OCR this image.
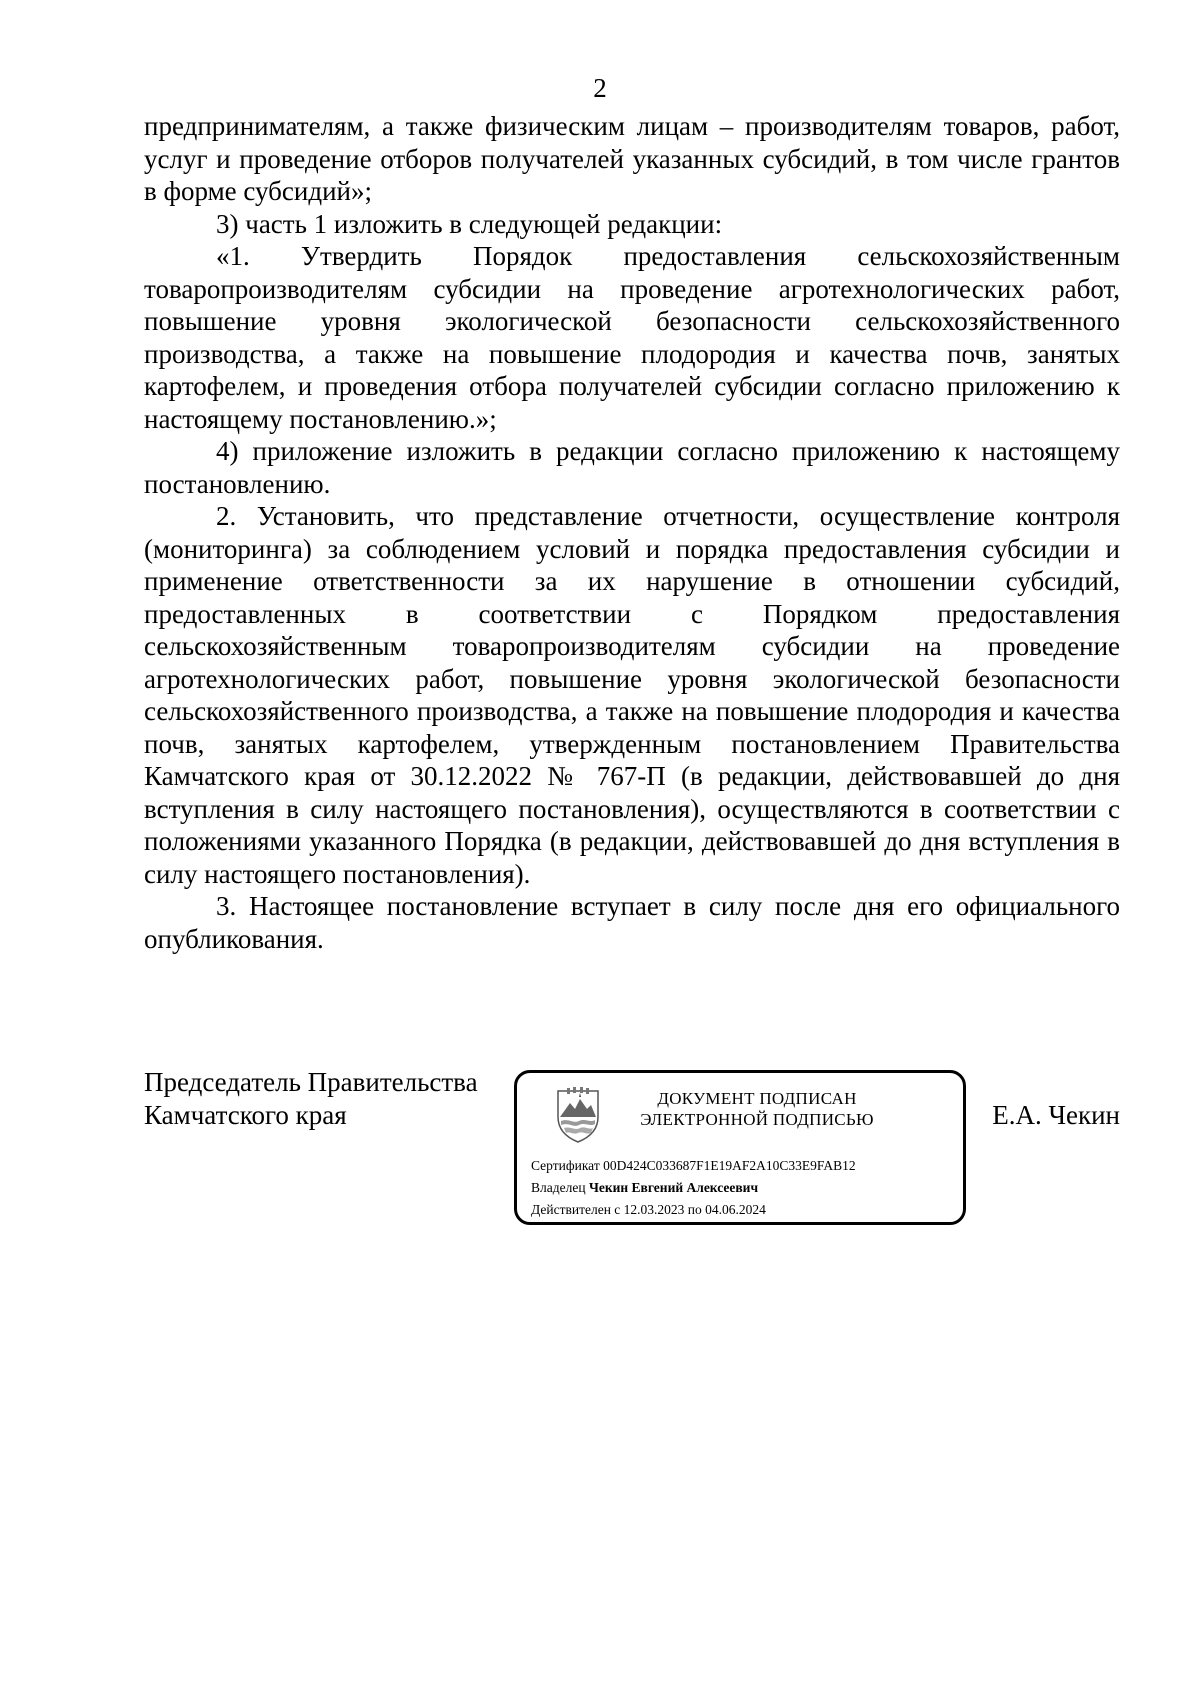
2

предпринимателям, а также физическим лицам – производителям товаров, работ, услуг и проведение отборов получателей указанных субсидий, в том числе грантов в форме субсидий»;

3) часть 1 изложить в следующей редакции:

«1. Утвердить Порядок предоставления сельскохозяйственным товаропроизводителям субсидии на проведение агротехнологических работ, повышение уровня экологической безопасности сельскохозяйственного производства, а также на повышение плодородия и качества почв, занятых картофелем, и проведения отбора получателей субсидии согласно приложению к настоящему постановлению.»;

4) приложение изложить в редакции согласно приложению к настоящему постановлению.

2. Установить, что представление отчетности, осуществление контроля (мониторинга) за соблюдением условий и порядка предоставления субсидии и применение ответственности за их нарушение в отношении субсидий, предоставленных в соответствии с Порядком предоставления сельскохозяйственным товаропроизводителям субсидии на проведение агротехнологических работ, повышение уровня экологической безопасности сельскохозяйственного производства, а также на повышение плодородия и качества почв, занятых картофелем, утвержденным постановлением Правительства Камчатского края от 30.12.2022 № 767-П (в редакции, действовавшей до дня вступления в силу настоящего постановления), осуществляются в соответствии с положениями указанного Порядка (в редакции, действовавшей до дня вступления в силу настоящего постановления).

3. Настоящее постановление вступает в силу после дня его официального опубликования.

Председатель Правительства
Камчатского края
ДОКУМЕНТ ПОДПИСАН
ЭЛЕКТРОННОЙ ПОДПИСЬЮ
Сертификат 00D424C033687F1E19AF2A10C33E9FAB12
Владелец Чекин Евгений Алексеевич
Действителен с 12.03.2023 по 04.06.2024
Е.А. Чекин
